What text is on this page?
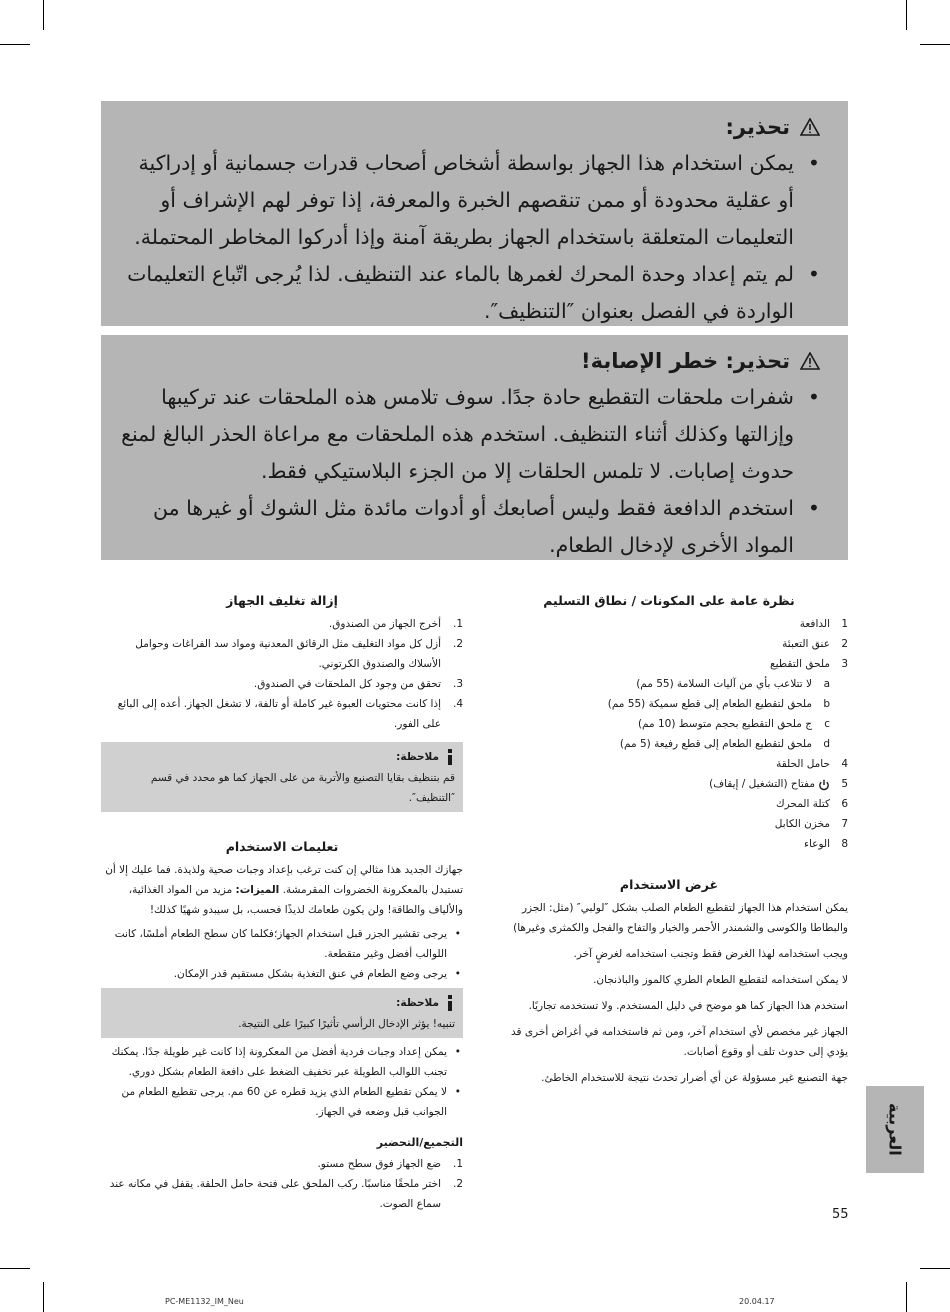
تحذير:
• يمكن استخدام هذا الجهاز بواسطة أشخاص أصحاب قدرات جسمانية أو إدراكية أو عقلية محدودة أو ممن تنقصهم الخبرة والمعرفة، إذا توفر لهم الإشراف أو التعليمات المتعلقة باستخدام الجهاز بطريقة آمنة وإذا أدركوا المخاطر المحتملة.
• لم يتم إعداد وحدة المحرك لغمرها بالماء عند التنظيف. لذا يُرجى اتّباع التعليمات الواردة في الفصل بعنوان ″التنظيف″.
تحذير: خطر الإصابة!
• شفرات ملحقات التقطيع حادة جدًا. سوف تلامس هذه الملحقات عند تركيبها وإزالتها وكذلك أثناء التنظيف. استخدم هذه الملحقات مع مراعاة الحذر البالغ لمنع حدوث إصابات. لا تلمس الحلقات إلا من الجزء البلاستيكي فقط.
• استخدم الدافعة فقط وليس أصابعك أو أدوات مائدة مثل الشوك أو غيرها من المواد الأخرى لإدخال الطعام.
نظرة عامة على المكونات / نطاق التسليم
1
الدافعة
2
عنق التعبئة
3
ملحق التقطيع
a
لا تتلاعب بأي من آليات السلامة (55 مم)
b
ملحق لتقطيع الطعام إلى قطع سميكة (55 مم)
c
ج ملحق التقطيع بحجم متوسط (10 مم)
d
ملحق لتقطيع الطعام إلى قطع رفيعة (5 مم)
4
حامل الحلقة
5
مفتاح (التشغيل / إيقاف)
6
كتلة المحرك
7
مخزن الكابل
8
الوعاء
غرض الاستخدام

يمكن استخدام هذا الجهاز لتقطيع الطعام الصلب بشكل ″لولبي″ (مثل: الجزر والبطاطا والكوسى والشمندر الأحمر والخيار والتفاح والفجل والكمثرى وغيرها)

ويجب استخدامه لهذا الغرض فقط وتجنب استخدامه لغرضٍ آخر.

لا يمكن استخدامه لتقطيع الطعام الطري كالموز والباذنجان.

استخدم هذا الجهاز كما هو موضح في دليل المستخدم. ولا تستخدمه تجاريًا.

الجهاز غير مخصص لأي استخدام آخر، ومن ثم فاستخدامه في أغراض أخرى قد يؤدي إلى حدوث تلف أو وقوع أصابات.

جهة التصنيع غير مسؤولة عن أي أضرار تحدث نتيجة للاستخدام الخاطئ.

إزالة تغليف الجهاز
1.
أخرج الجهاز من الصندوق.
2.
أزل كل مواد التغليف مثل الرقائق المعدنية ومواد سد الفراغات وحوامل الأسلاك والصندوق الكرتوني.
3.
تحقق من وجود كل الملحقات في الصندوق.
4.
إذا كانت محتويات العبوة غير كاملة أو تالفة، لا تشغل الجهاز. أعده إلى البائع على الفور.
ملاحظة:
قم بتنظيف بقايا التصنيع والأتربة من على الجهاز كما هو محدد في قسم ″التنظيف″.
تعليمات الاستخدام

جهازك الجديد هذا مثالي إن كنت ترغب بإعداد وجبات صحية ولذيذة. فما عليك إلا أن تستبدل بالمعكرونة الخضروات المقرمشة. الميزات: مزيد من المواد الغذائية، والألياف والطاقة! ولن يكون طعامك لذيذًا فحسب، بل سيبدو شهيًا كذلك!

• يرجى تقشير الجزر قبل استخدام الجهاز؛فكلما كان سطح الطعام أملسًا، كانت اللوالب أفضل وغير متقطعة.
• يرجى وضع الطعام في عنق التغذية بشكل مستقيم قدر الإمكان.
ملاحظة:
تنبيه! يؤثر الإدخال الرأسي تأثيرًا كبيرًا على النتيجة.
• يمكن إعداد وجبات فردية أفضل من المعكرونة إذا كانت غير طويلة جدًا. يمكنك تجنب اللوالب الطويلة عبر تخفيف الضغط على دافعة الطعام بشكل دوري.
• لا يمكن تقطيع الطعام الذي يزيد قطره عن 60 مم. يرجى تقطيع الطعام من الجوانب قبل وضعه في الجهاز.
التجميع/التحضير
1.
ضع الجهاز فوق سطح مستو.
2.
اختر ملحقًا مناسبًا. ركب الملحق على فتحة حامل الحلقة. يقفل في مكانه عند سماع الصوت.
العربية
55
PC-ME1132_IM_Neu	20.04.17
